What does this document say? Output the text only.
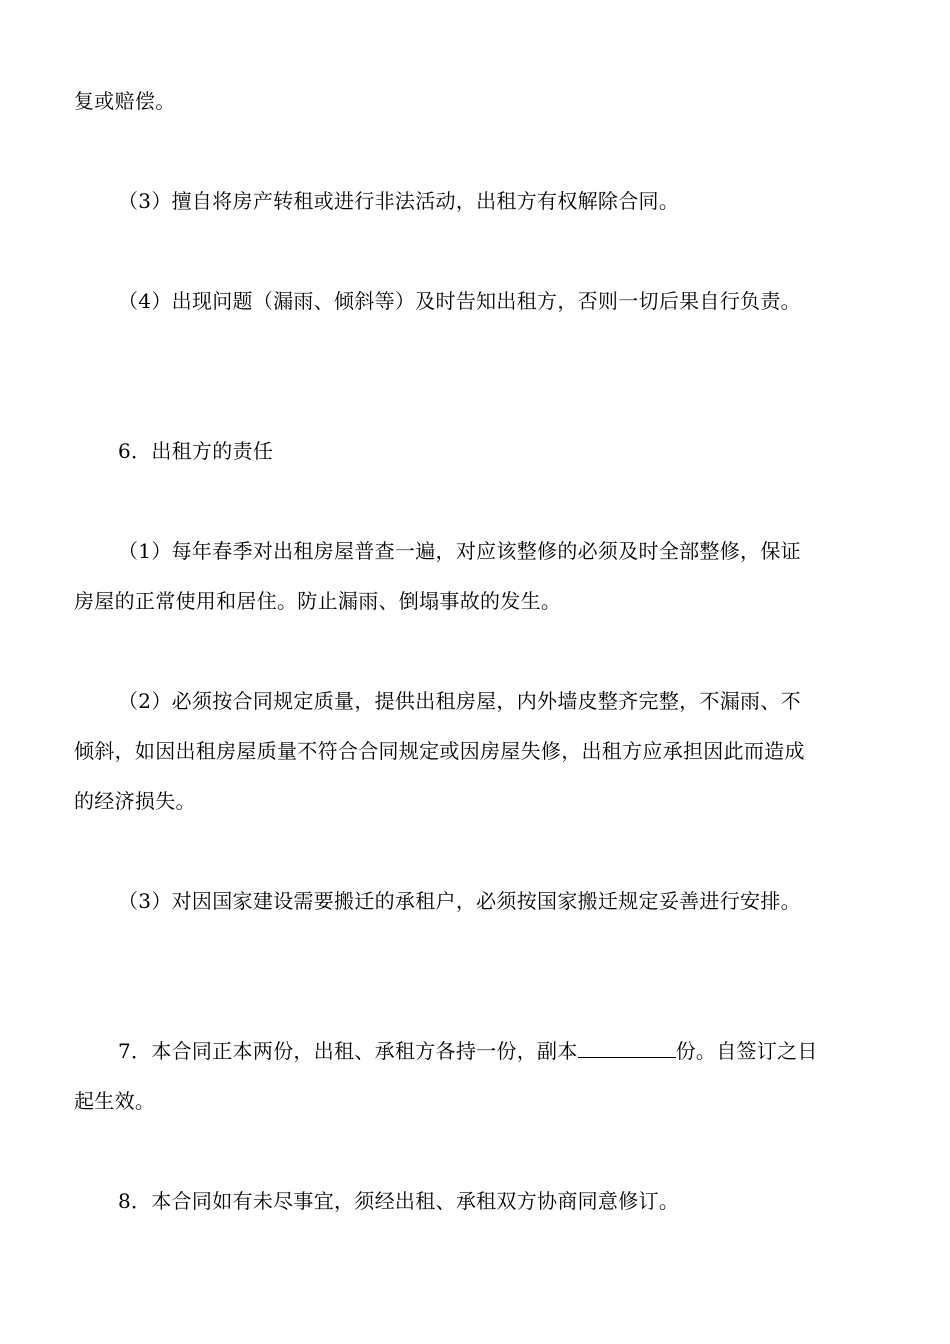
复或赔偿。
（3）擅自将房产转租或进行非法活动，出租方有权解除合同。
（4）出现问题（漏雨、倾斜等）及时告知出租方，否则一切后果自行负责。
6．出租方的责任
（1）每年春季对出租房屋普查一遍，对应该整修的必须及时全部整修，保证
房屋的正常使用和居住。防止漏雨、倒塌事故的发生。
（2）必须按合同规定质量，提供出租房屋，内外墙皮整齐完整，不漏雨、不
倾斜，如因出租房屋质量不符合合同规定或因房屋失修，出租方应承担因此而造成
的经济损失。
（3）对因国家建设需要搬迁的承租户，必须按国家搬迁规定妥善进行安排。
7．本合同正本两份，出租、承租方各持一份，副本	份。自签订之日
起生效。
8．本合同如有未尽事宜，须经出租、承租双方协商同意修订。
